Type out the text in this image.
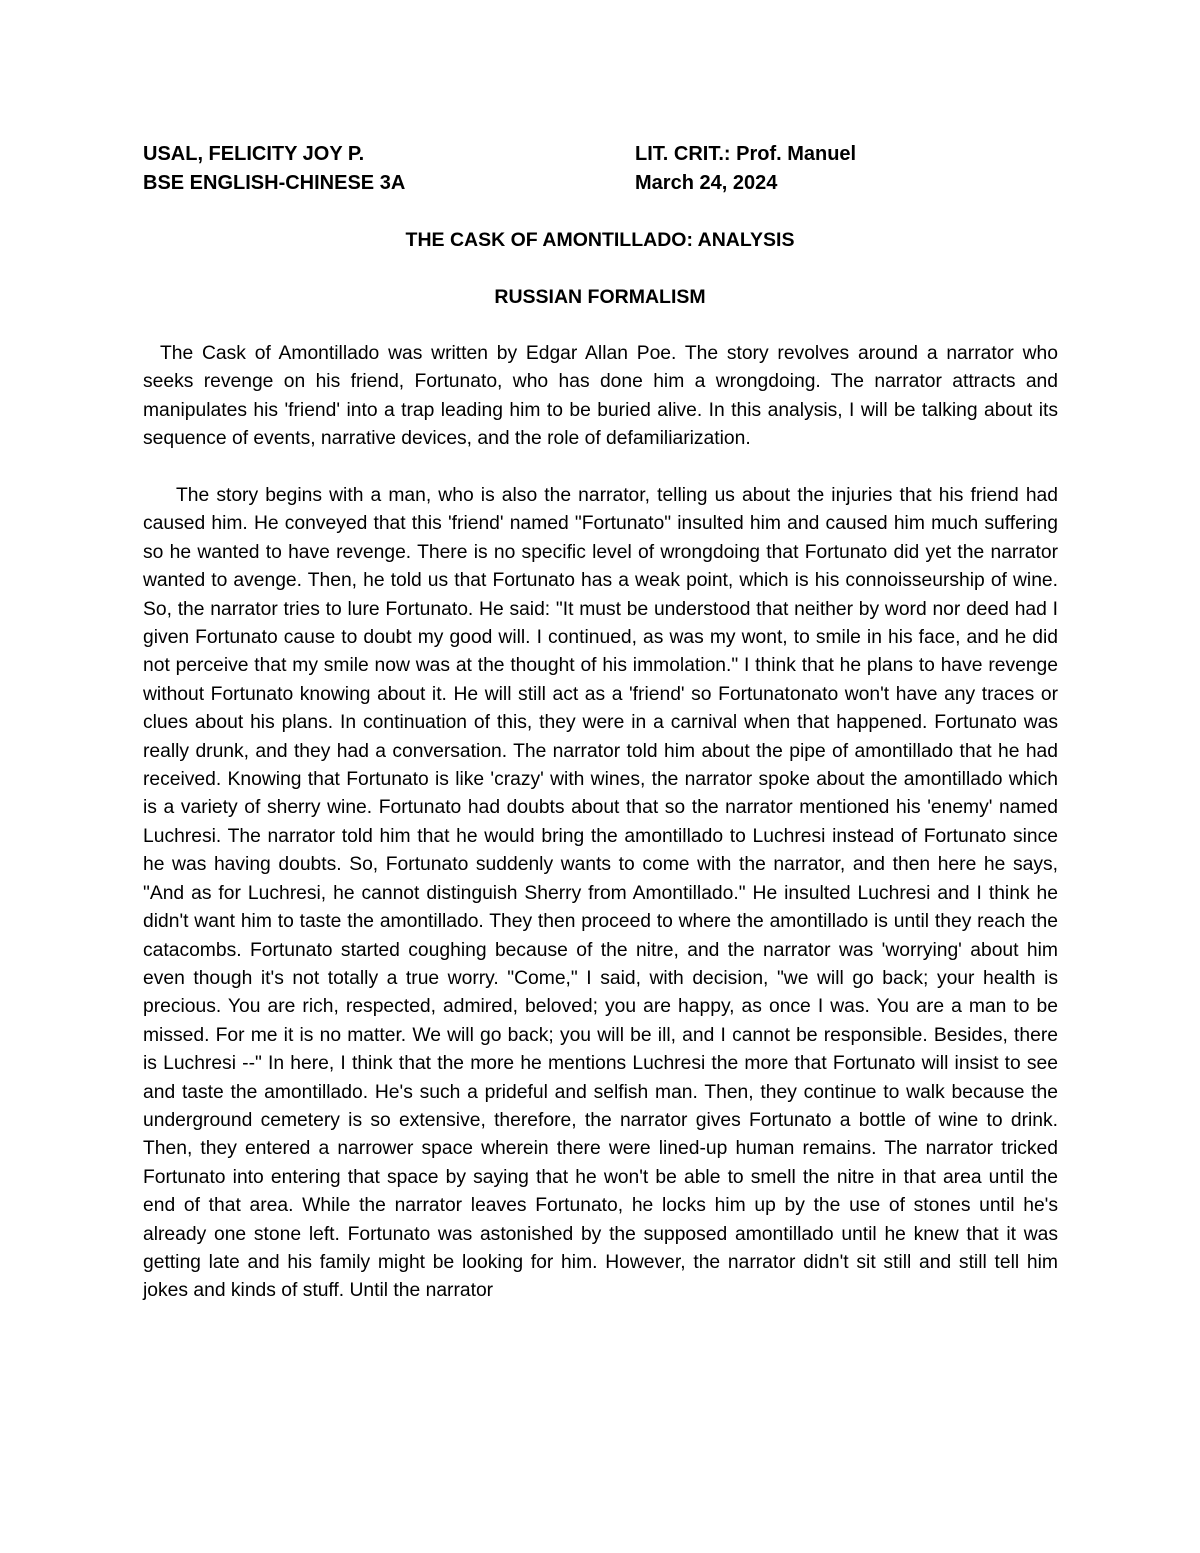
USAL, FELICITY JOY P.
BSE ENGLISH-CHINESE 3A
LIT. CRIT.: Prof. Manuel
March 24, 2024
THE CASK OF AMONTILLADO: ANALYSIS
RUSSIAN FORMALISM

The Cask of Amontillado was written by Edgar Allan Poe. The story revolves around a narrator who seeks revenge on his friend, Fortunato, who has done him a wrongdoing. The narrator attracts and manipulates his 'friend' into a trap leading him to be buried alive. In this analysis, I will be talking about its sequence of events, narrative devices, and the role of defamiliarization.

The story begins with a man, who is also the narrator, telling us about the injuries that his friend had caused him. He conveyed that this 'friend' named "Fortunato" insulted him and caused him much suffering so he wanted to have revenge. There is no specific level of wrongdoing that Fortunato did yet the narrator wanted to avenge. Then, he told us that Fortunato has a weak point, which is his connoisseurship of wine. So, the narrator tries to lure Fortunato. He said: "It must be understood that neither by word nor deed had I given Fortunato cause to doubt my good will. I continued, as was my wont, to smile in his face, and he did not perceive that my smile now was at the thought of his immolation." I think that he plans to have revenge without Fortunato knowing about it. He will still act as a 'friend' so Fortunatonato won't have any traces or clues about his plans. In continuation of this, they were in a carnival when that happened. Fortunato was really drunk, and they had a conversation. The narrator told him about the pipe of amontillado that he had received. Knowing that Fortunato is like 'crazy' with wines, the narrator spoke about the amontillado which is a variety of sherry wine. Fortunato had doubts about that so the narrator mentioned his 'enemy' named Luchresi. The narrator told him that he would bring the amontillado to Luchresi instead of Fortunato since he was having doubts. So, Fortunato suddenly wants to come with the narrator, and then here he says, "And as for Luchresi, he cannot distinguish Sherry from Amontillado." He insulted Luchresi and I think he didn't want him to taste the amontillado. They then proceed to where the amontillado is until they reach the catacombs. Fortunato started coughing because of the nitre, and the narrator was 'worrying' about him even though it's not totally a true worry. "Come," I said, with decision, "we will go back; your health is precious. You are rich, respected, admired, beloved; you are happy, as once I was. You are a man to be missed. For me it is no matter. We will go back; you will be ill, and I cannot be responsible. Besides, there is Luchresi --" In here, I think that the more he mentions Luchresi the more that Fortunato will insist to see and taste the amontillado. He's such a prideful and selfish man. Then, they continue to walk because the underground cemetery is so extensive, therefore, the narrator gives Fortunato a bottle of wine to drink. Then, they entered a narrower space wherein there were lined-up human remains. The narrator tricked Fortunato into entering that space by saying that he won't be able to smell the nitre in that area until the end of that area. While the narrator leaves Fortunato, he locks him up by the use of stones until he's already one stone left. Fortunato was astonished by the supposed amontillado until he knew that it was getting late and his family might be looking for him. However, the narrator didn't sit still and still tell him jokes and kinds of stuff. Until the narrator
